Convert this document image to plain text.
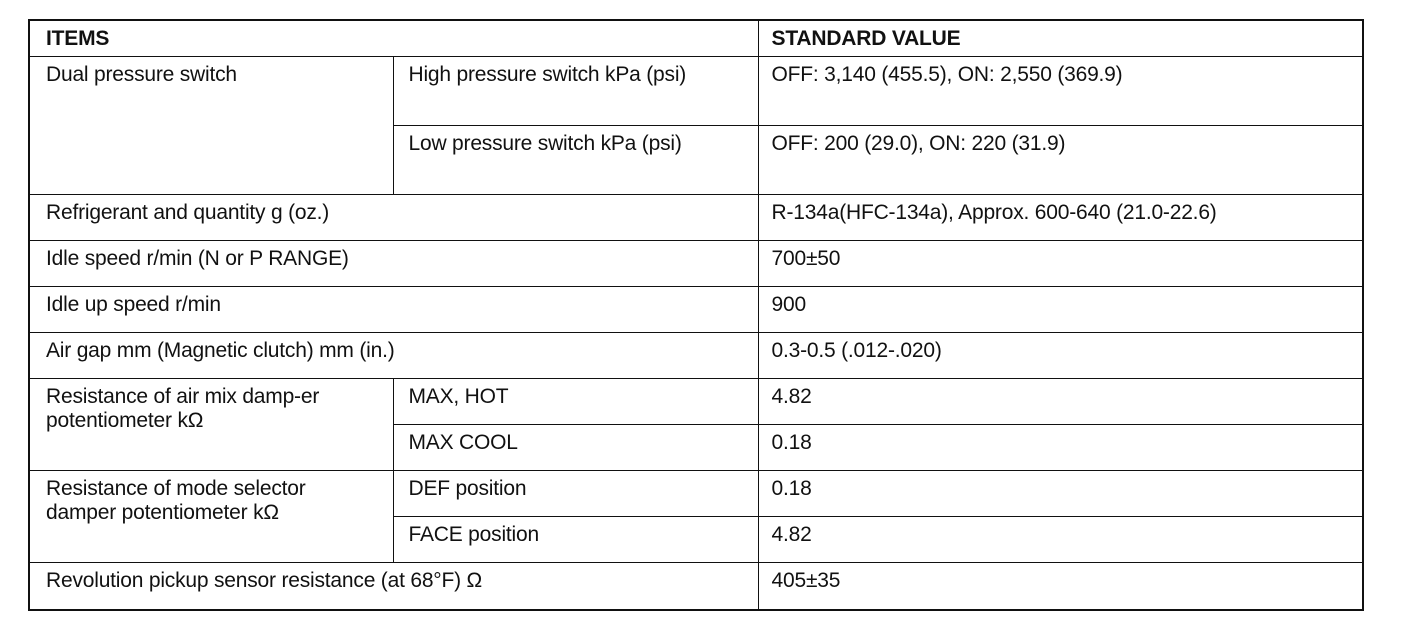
ITEMS		STANDARD VALUE
Dual pressure switch	High pressure switch kPa (psi)	OFF: 3,140 (455.5), ON: 2,550 (369.9)
	Low pressure switch kPa (psi)	OFF: 200 (29.0), ON: 220 (31.9)
Refrigerant and quantity g (oz.)		R-134a(HFC-134a), Approx. 600-640 (21.0-22.6)
Idle speed r/min (N or P RANGE)		700±50
Idle up speed r/min		900
Air gap mm (Magnetic clutch) mm (in.)		0.3-0.5 (.012-.020)
Resistance of air mix damp-er potentiometer kΩ	MAX, HOT	4.82
	MAX COOL	0.18
Resistance of mode selector damper potentiometer kΩ	DEF position	0.18
	FACE position	4.82
Revolution pickup sensor resistance (at 68°F) Ω		405±35
